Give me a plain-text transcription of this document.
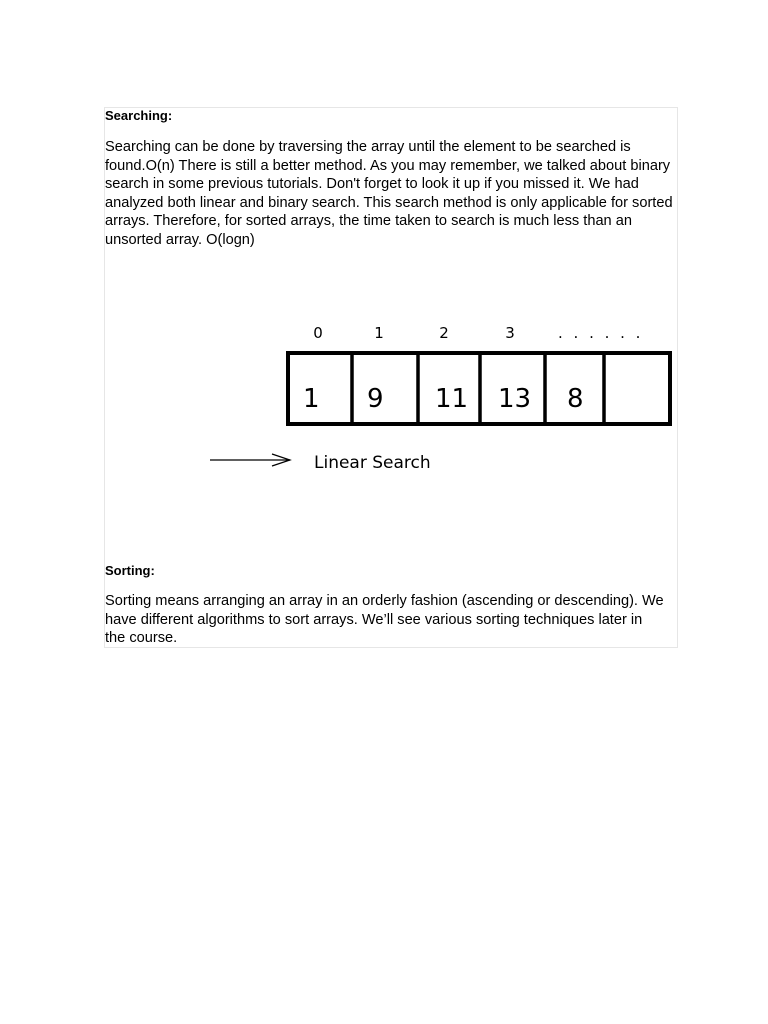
Searching:

Searching can be done by traversing the array until the element to be searched is found.O(n) There is still a better method. As you may remember, we talked about binary search in some previous tutorials. Don't forget to look it up if you missed it. We had analyzed both linear and binary search. This search method is only applicable for sorted arrays. Therefore, for sorted arrays, the time taken to search is much less than an unsorted array. O(logn)

0	1	2	3	. . . . . .
1 9 11 13 8
Linear Search
Sorting:

Sorting means arranging an array in an orderly fashion (ascending or descending). We have different algorithms to sort arrays. We’ll see various sorting techniques later in the course.
